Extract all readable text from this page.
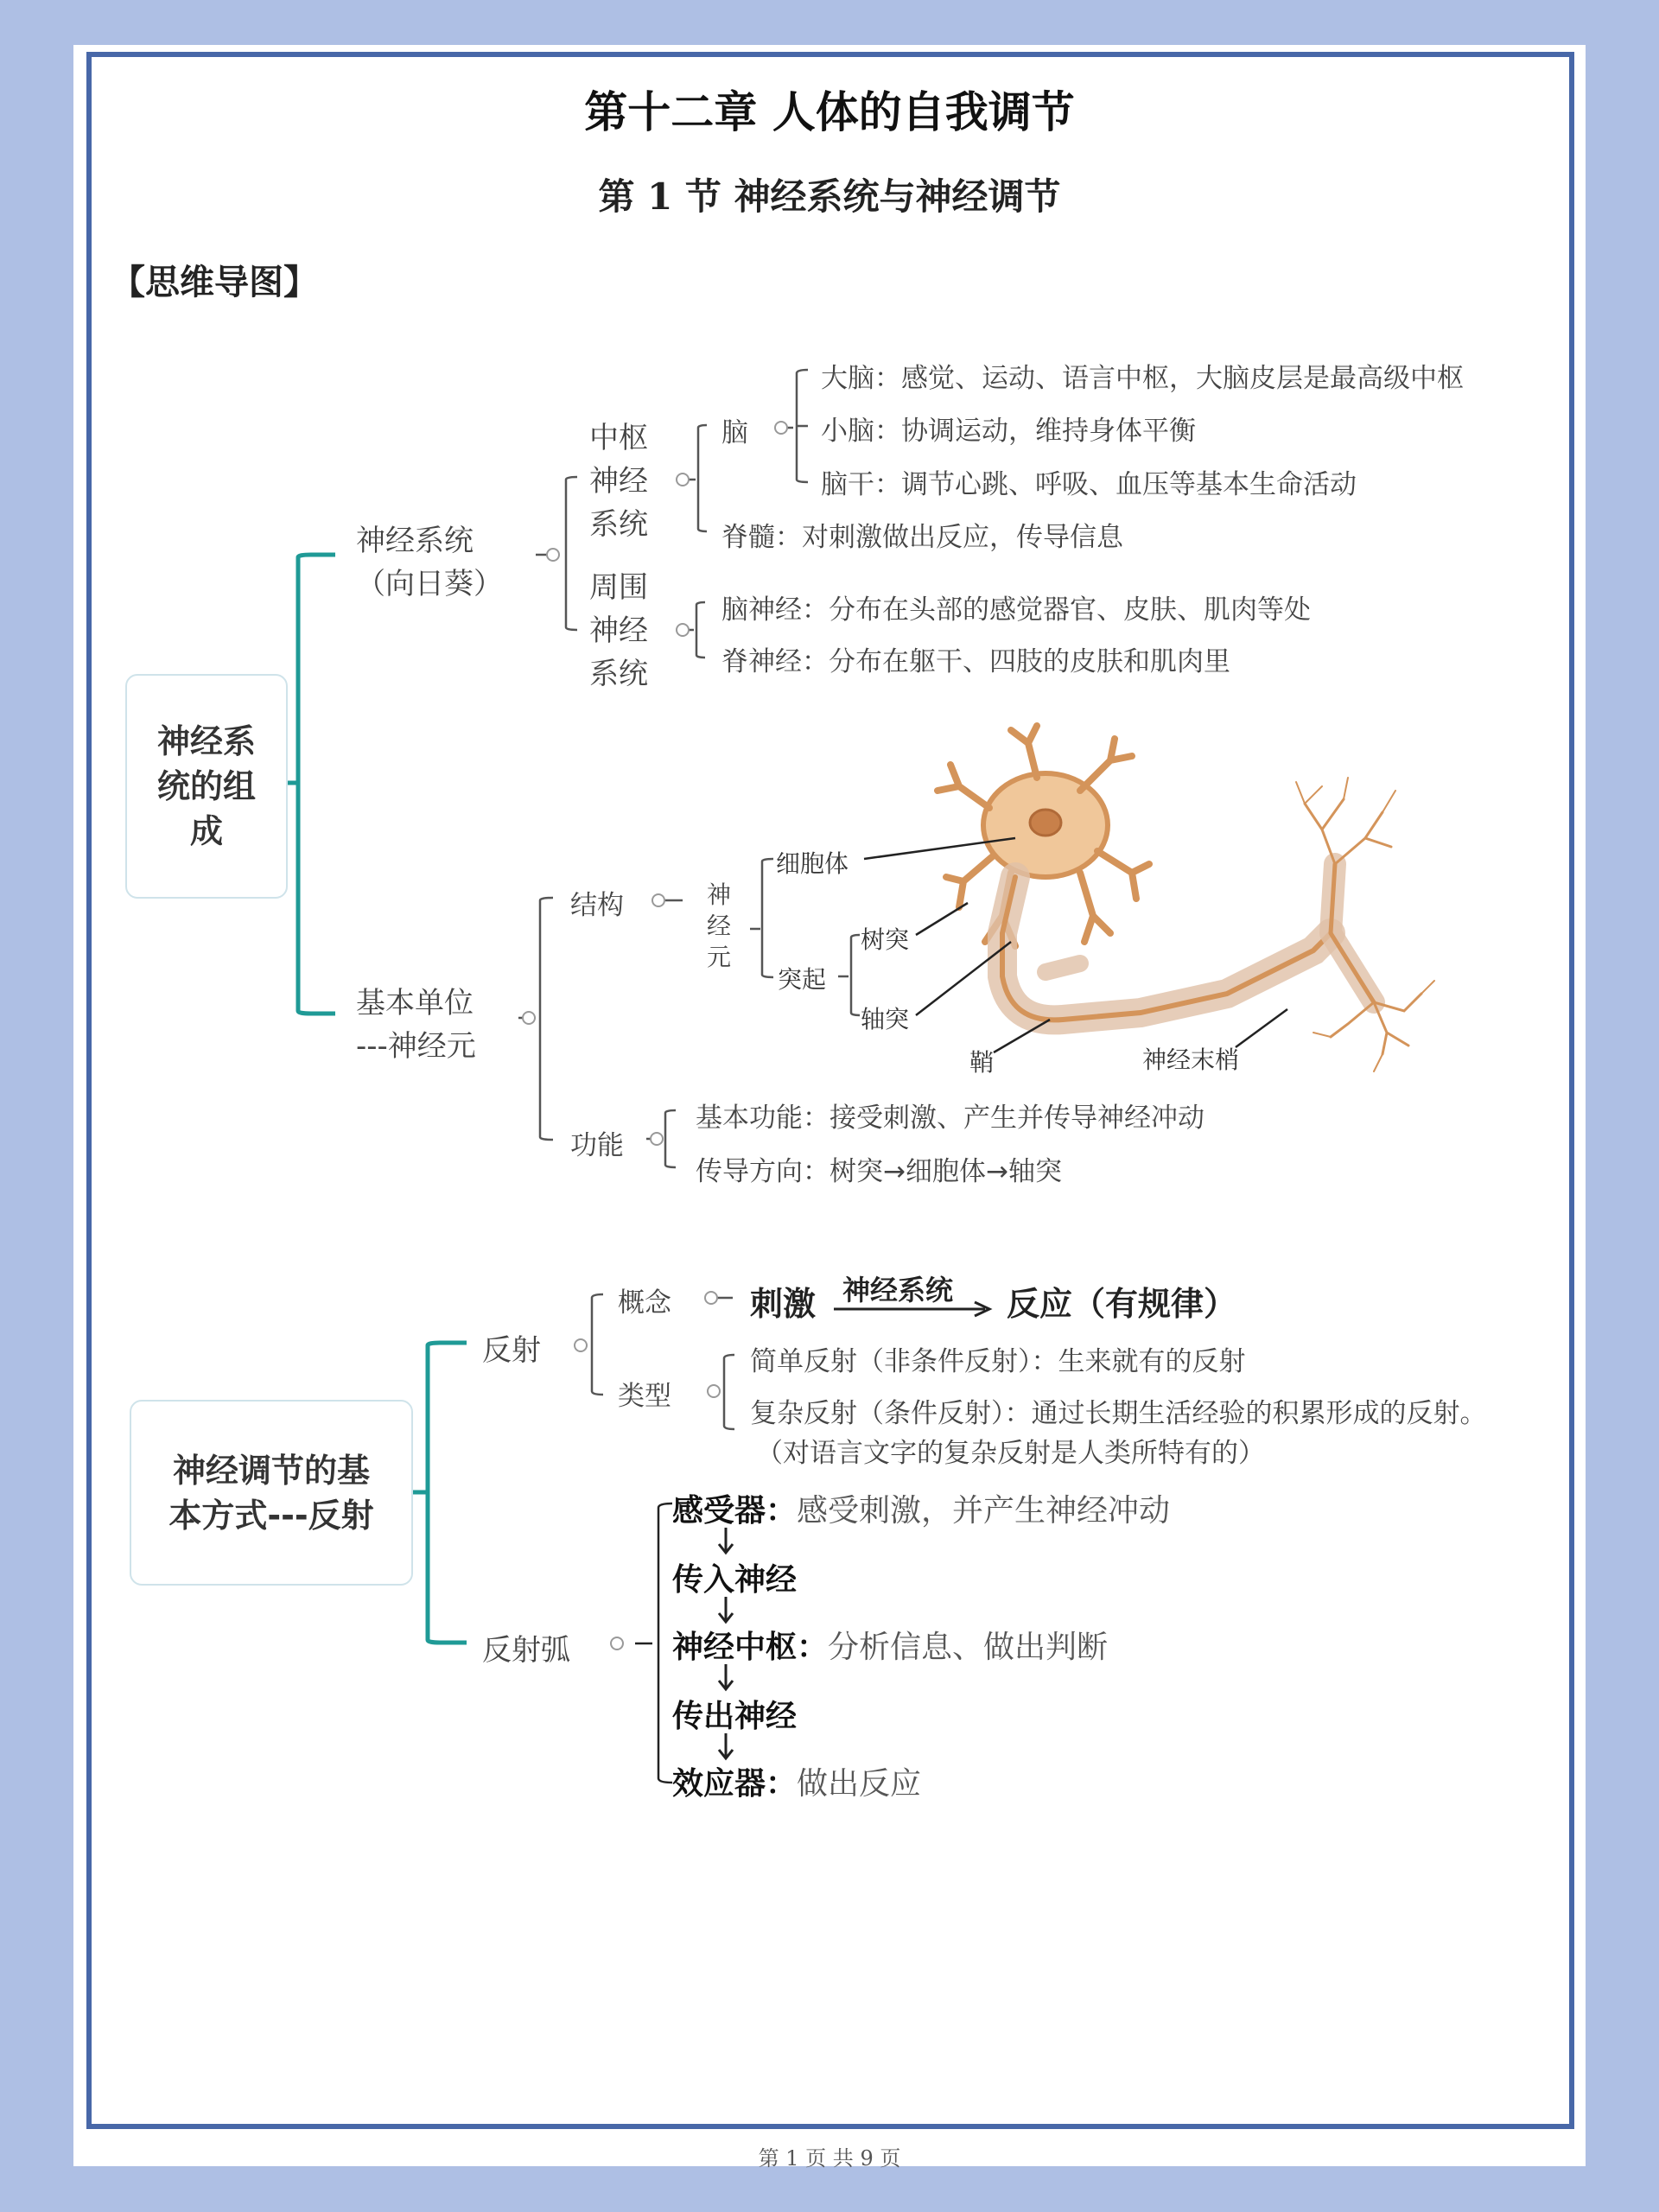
第十二章 人体的自我调节
第 1 节 神经系统与神经调节
【思维导图】
神经系统的组成
神经系统
（向日葵）
中枢神经系统
周围神经系统
脑
大脑：感觉、运动、语言中枢，大脑皮层是最高级中枢
小脑：协调运动，维持身体平衡
脑干：调节心跳、呼吸、血压等基本生命活动
脊髓：对刺激做出反应，传导信息
脑神经：分布在头部的感觉器官、皮肤、肌肉等处
脊神经：分布在躯干、四肢的皮肤和肌肉里
基本单位
---神经元
结构	神经元
细胞体
突起
树突
轴突
鞘	神经末梢
功能
基本功能：接受刺激、产生并传导神经冲动
传导方向：树突→细胞体→轴突
神经调节的基本方式---反射
反射
概念 刺激 神经系统 反应（有规律）
类型
简单反射（非条件反射）：生来就有的反射
复杂反射（条件反射）：通过长期生活经验的积累形成的反射。
（对语言文字的复杂反射是人类所特有的）
反射弧
感受器：感受刺激，并产生神经冲动
传入神经
神经中枢：分析信息、做出判断
传出神经
效应器：做出反应
第 1 页 共 9 页
